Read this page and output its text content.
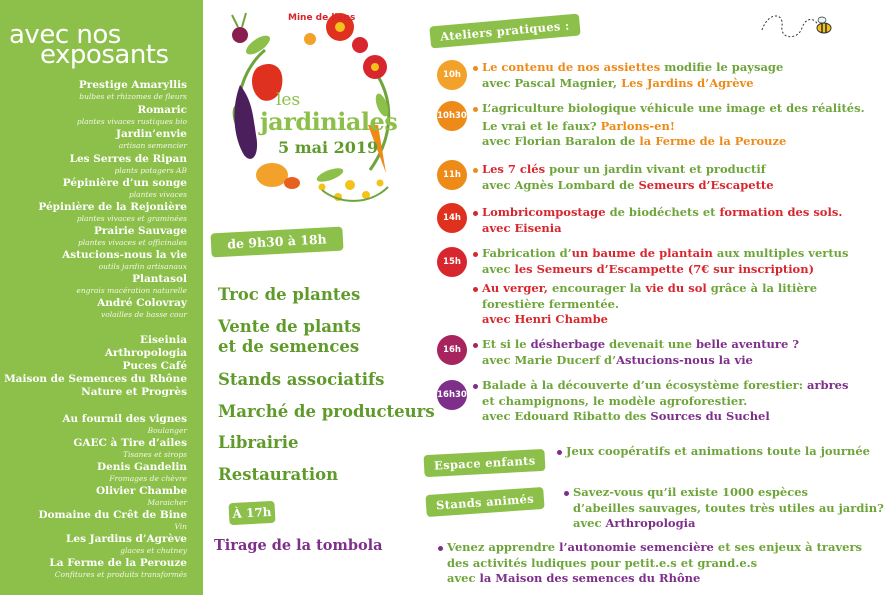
avec nos
exposants
Prestige Amaryllis
bulbes et rhizomes de fleurs
Romaric
plantes vivaces rustiques bio
Jardin’envie
artisan semencier
Les Serres de Ripan
plants potagers AB
Pépinière d’un songe
plantes vivaces
Pépinière de la Rejonière
plantes vivaces et graminées
Prairie Sauvage
plantes vivaces et officinales
Astucions-nous la vie
outils jardin artisanaux
Plantasol
engrais macération naturelle
André Colovray
volailles de basse cour
Eiseinia
Arthropologia
Puces Café
Maison de Semences du Rhône
Nature et Progrès
Au fournil des vignes
Boulanger
GAEC à Tire d’ailes
Tisanes et sirops
Denis Gandelin
Fromages de chèvre
Olivier Chambe
Maraicher
Domaine du Crêt de Bine
Vin
Les Jardins d’Agrève
glaces et chutney
La Ferme de la Perouze
Confitures et produits transformés
Mine de liens
les
jardiniales
5 mai 2019
de 9h30 à 18h
Troc de plantes
Vente de plants
et de semences
Stands associatifs
Marché de producteurs
Librairie
Restauration
À 17h
Tirage de la tombola
Ateliers pratiques :
10h
10h30
11h
14h
15h
16h
16h30
Le contenu de nos assiettes modifie le paysage
avec Pascal Magnier, Les Jardins d’Agrève
L’agriculture biologique véhicule une image et des réalités.
Le vrai et le faux? Parlons-en!
avec Florian Baralon de la Ferme de la Perouze
Les 7 clés pour un jardin vivant et productif
avec Agnès Lombard de Semeurs d’Escapette
Lombricompostage de biodéchets et formation des sols.
avec Eisenia
Fabrication d’un baume de plantain aux multiples vertus
avec les Semeurs d’Escampette (7€ sur inscription)
Au verger, encourager la vie du sol grâce à la litière
forestière fermentée.
avec Henri Chambe
Et si le désherbage devenait une belle aventure ?
avec Marie Ducerf d’Astucions-nous la vie
Balade à la découverte d’un écosystème forestier: arbres
et champignons, le modèle agroforestier.
avec Edouard Ribatto des Sources du Suchel
Espace enfants
Jeux coopératifs et animations toute la journée
Stands animés	Savez-vous qu’il existe 1000 espèces
d’abeilles sauvages, toutes très utiles au jardin?
avec Arthropologia
Venez apprendre l’autonomie semencière et ses enjeux à travers
des activités ludiques pour petit.e.s et grand.e.s
avec la Maison des semences du Rhône
